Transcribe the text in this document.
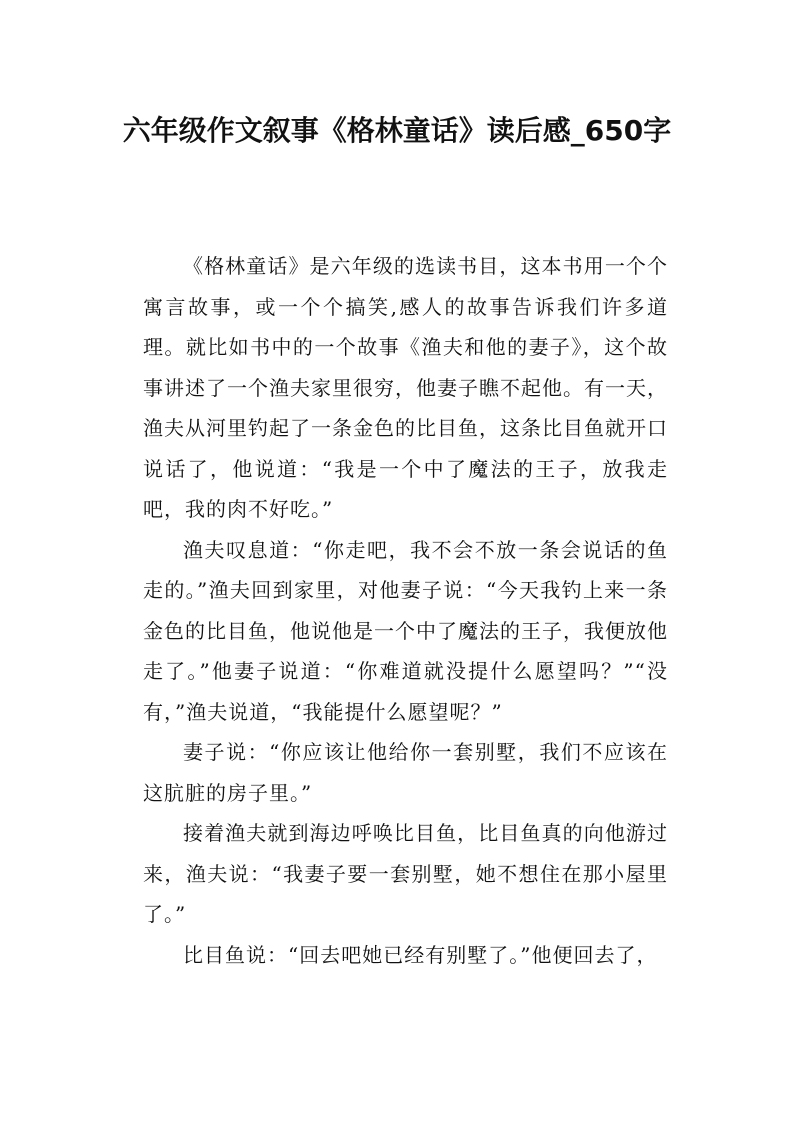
六年级作文叙事《格林童话》读后感_650字

《格林童话》是六年级的选读书目，这本书用一个个寓言故事，或一个个搞笑,感人的故事告诉我们许多道理。就比如书中的一个故事《渔夫和他的妻子》，这个故事讲述了一个渔夫家里很穷，他妻子瞧不起他。有一天，渔夫从河里钓起了一条金色的比目鱼，这条比目鱼就开口说话了，他说道：“我是一个中了魔法的王子，放我走吧，我的肉不好吃。”

渔夫叹息道：“你走吧，我不会不放一条会说话的鱼走的。”渔夫回到家里，对他妻子说：“今天我钓上来一条金色的比目鱼，他说他是一个中了魔法的王子，我便放他走了。”他妻子说道：“你难道就没提什么愿望吗？”“没有，”渔夫说道，“我能提什么愿望呢？”

妻子说：“你应该让他给你一套别墅，我们不应该在这肮脏的房子里。”

接着渔夫就到海边呼唤比目鱼，比目鱼真的向他游过来，渔夫说：“我妻子要一套别墅，她不想住在那小屋里了。”

比目鱼说：“回去吧她已经有别墅了。”他便回去了，
